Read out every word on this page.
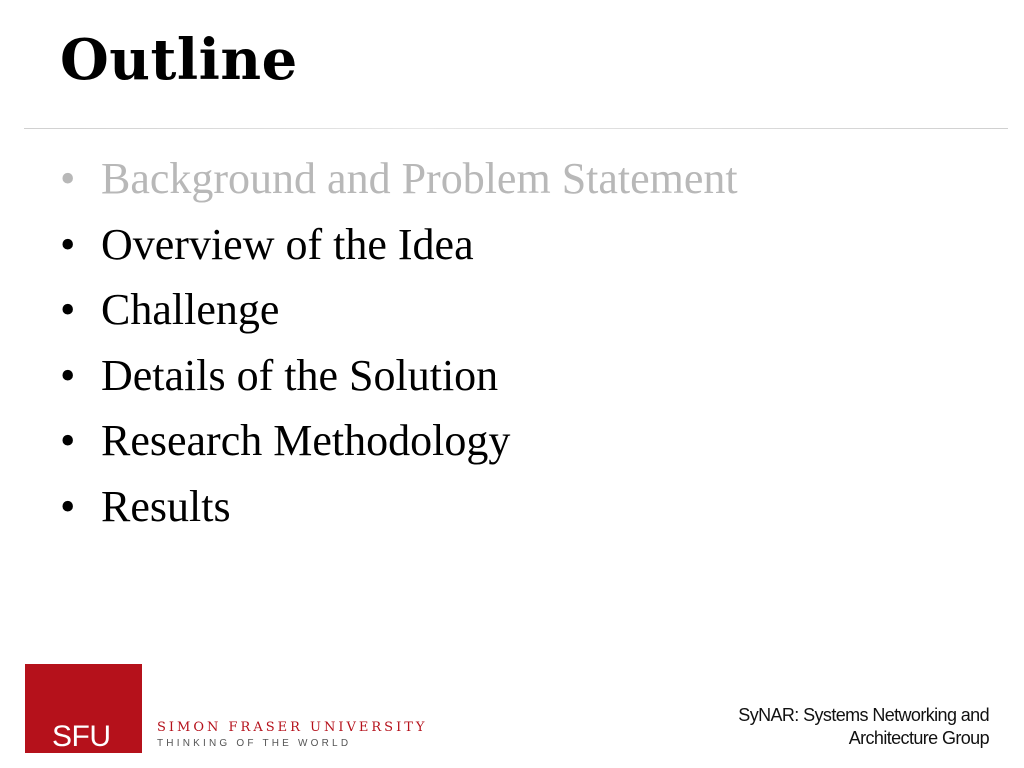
Outline
• Background and Problem Statement
• Overview of the Idea
• Challenge
• Details of the Solution
• Research Methodology
• Results
SFU	SIMON FRASER UNIVERSITY
THINKING OF THE WORLD
SyNAR: Systems Networking and
Architecture Group
